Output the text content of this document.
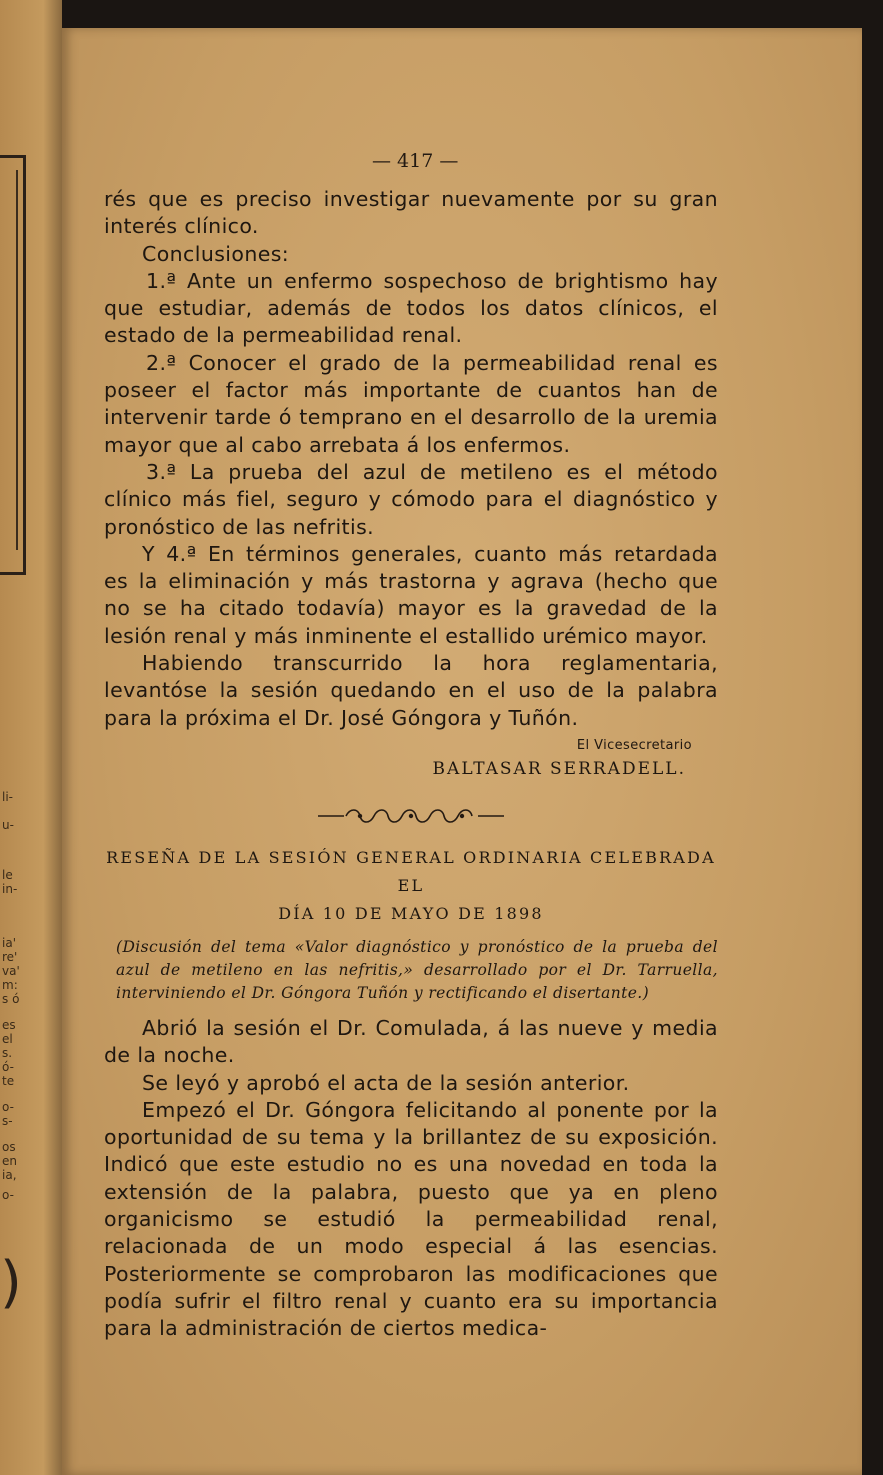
li-
u-
le
in-
ia'
re'
va'
m:
s ó
es
el
s.
ó-
te
o-
s-
os
en
ia,
o-
)
— 417 —

rés que es preciso investigar nuevamente por su gran interés clínico.

Conclusiones:

1.ª Ante un enfermo sospechoso de brightismo hay que estudiar, además de todos los datos clínicos, el estado de la permeabilidad renal.

2.ª Conocer el grado de la permeabilidad renal es poseer el factor más importante de cuantos han de intervenir tarde ó temprano en el desarrollo de la uremia mayor que al cabo arrebata á los enfermos.

3.ª La prueba del azul de metileno es el método clínico más fiel, seguro y cómodo para el diagnóstico y pronóstico de las nefritis.

Y 4.ª En términos generales, cuanto más retardada es la eliminación y más trastorna y agrava (hecho que no se ha citado todavía) mayor es la gravedad de la lesión renal y más inminente el estallido urémico mayor.

Habiendo transcurrido la hora reglamentaria, levantóse la sesión quedando en el uso de la palabra para la próxima el Dr. José Góngora y Tuñón.

El Vicesecretario

BALTASAR SERRADELL.

RESEÑA DE LA SESIÓN GENERAL ORDINARIA CELEBRADA EL

DÍA 10 DE MAYO DE 1898

(Discusión del tema «Valor diagnóstico y pronóstico de la prueba del azul de metileno en las nefritis,» desarrollado por el Dr. Tarruella, interviniendo el Dr. Góngora Tuñón y rectificando el disertante.)

Abrió la sesión el Dr. Comulada, á las nueve y media de la noche.

Se leyó y aprobó el acta de la sesión anterior.

Empezó el Dr. Góngora felicitando al ponente por la oportunidad de su tema y la brillantez de su exposición. Indicó que este estudio no es una novedad en toda la extensión de la palabra, puesto que ya en pleno organicismo se estudió la permeabilidad renal, relacionada de un modo especial á las esencias. Posteriormente se comprobaron las modificaciones que podía sufrir el filtro renal y cuanto era su importancia para la administración de ciertos medica-
